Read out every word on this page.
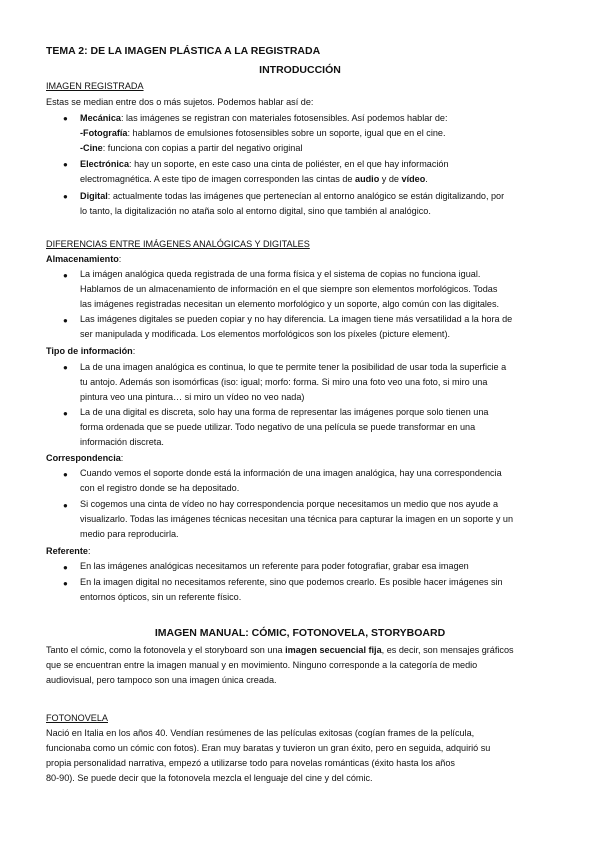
TEMA 2: DE LA IMAGEN PLÁSTICA A LA REGISTRADA
INTRODUCCIÓN
IMAGEN REGISTRADA
Estas se median entre dos o más sujetos. Podemos hablar así de:
● Mecánica: las imágenes se registran con materiales fotosensibles. Así podemos hablar de:
-Fotografía: hablamos de emulsiones fotosensibles sobre un soporte, igual que en el cine.
-Cine: funciona con copias a partir del negativo original
● Electrónica: hay un soporte, en este caso una cinta de poliéster, en el que hay información
electromagnética. A este tipo de imagen corresponden las cintas de audio y de vídeo.
● Digital: actualmente todas las imágenes que pertenecían al entorno analógico se están digitalizando, por
lo tanto, la digitalización no ataña solo al entorno digital, sino que también al analógico.
DIFERENCIAS ENTRE IMÁGENES ANALÓGICAS Y DIGITALES
Almacenamiento:
● La imágen analógica queda registrada de una forma física y el sistema de copias no funciona igual.
Hablamos de un almacenamiento de información en el que siempre son elementos morfológicos. Todas
las imágenes registradas necesitan un elemento morfológico y un soporte, algo común con las digitales.
● Las imágenes digitales se pueden copiar y no hay diferencia. La imagen tiene más versatilidad a la hora de
ser manipulada y modificada. Los elementos morfológicos son los píxeles (picture element).
Tipo de información:
● La de una imagen analógica es continua, lo que te permite tener la posibilidad de usar toda la superficie a
tu antojo. Además son isomórficas (iso: igual; morfo: forma. Si miro una foto veo una foto, si miro una
pintura veo una pintura… si miro un vídeo no veo nada)
● La de una digital es discreta, solo hay una forma de representar las imágenes porque solo tienen una
forma ordenada que se puede utilizar. Todo negativo de una película se puede transformar en una
información discreta.
Correspondencia:
● Cuando vemos el soporte donde está la información de una imagen analógica, hay una correspondencia
con el registro donde se ha depositado.
● Si cogemos una cinta de vídeo no hay correspondencia porque necesitamos un medio que nos ayude a
visualizarlo. Todas las imágenes técnicas necesitan una técnica para capturar la imagen en un soporte y un
medio para reproducirla.
Referente:
● En las imágenes analógicas necesitamos un referente para poder fotografiar, grabar esa imagen
● En la imagen digital no necesitamos referente, sino que podemos crearlo. Es posible hacer imágenes sin
entornos ópticos, sin un referente físico.
IMAGEN MANUAL: CÓMIC, FOTONOVELA, STORYBOARD
Tanto el cómic, como la fotonovela y el storyboard son una imagen secuencial fija, es decir, son mensajes gráficos
que se encuentran entre la imagen manual y en movimiento. Ninguno corresponde a la categoría de medio
audiovisual, pero tampoco son una imagen única creada.
FOTONOVELA
Nació en Italia en los años 40. Vendían resúmenes de las películas exitosas (cogían frames de la película,
funcionaba como un cómic con fotos). Eran muy baratas y tuvieron un gran éxito, pero en seguida, adquirió su
propia personalidad narrativa, empezó a utilizarse todo para novelas románticas (éxito hasta los años
80-90). Se puede decir que la fotonovela mezcla el lenguaje del cine y del cómic.
